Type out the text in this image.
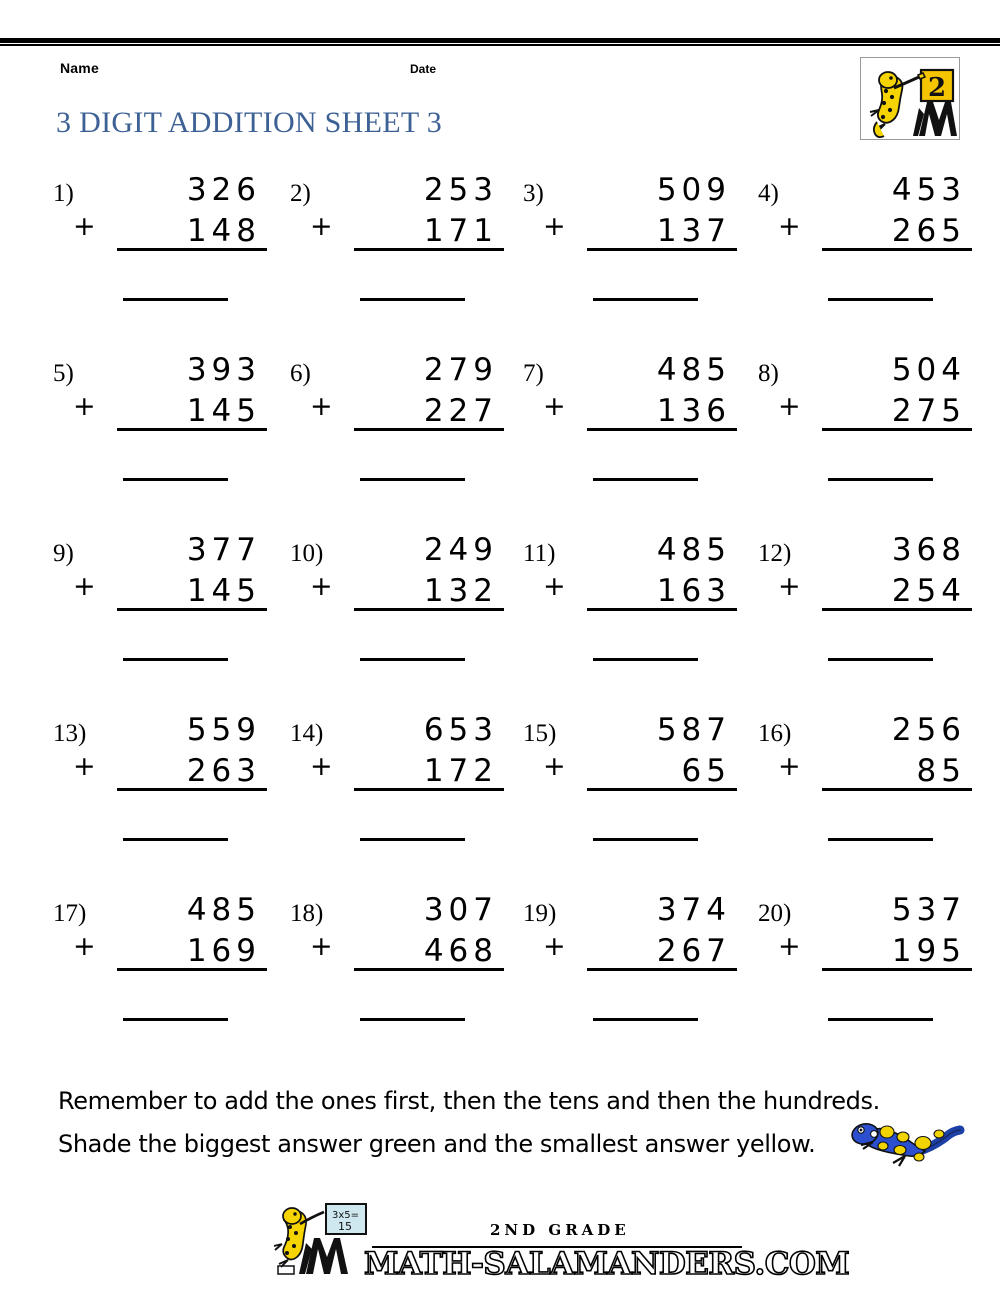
Name	Date
3 DIGIT ADDITION SHEET 3
2
1)
+
326
148
2)
+
253
171
3)
+
509
137
4)
+
453
265
5)
+
393
145
6)
+
279
227
7)
+
485
136
8)
+
504
275
9)
+
377
145
10)
+
249
132
11)
+
485
163
12)
+
368
254
13)
+
559
263
14)
+
653
172
15)
+
587
65
16)
+
256
85
17)
+
485
169
18)
+
307
468
19)
+
374
267
20)
+
537
195
Remember to add the ones first, then the tens and then the hundreds.
Shade the biggest answer green and the smallest answer yellow.
3x5=
15	2ND GRADE
MATH-SALAMANDERS.COM
